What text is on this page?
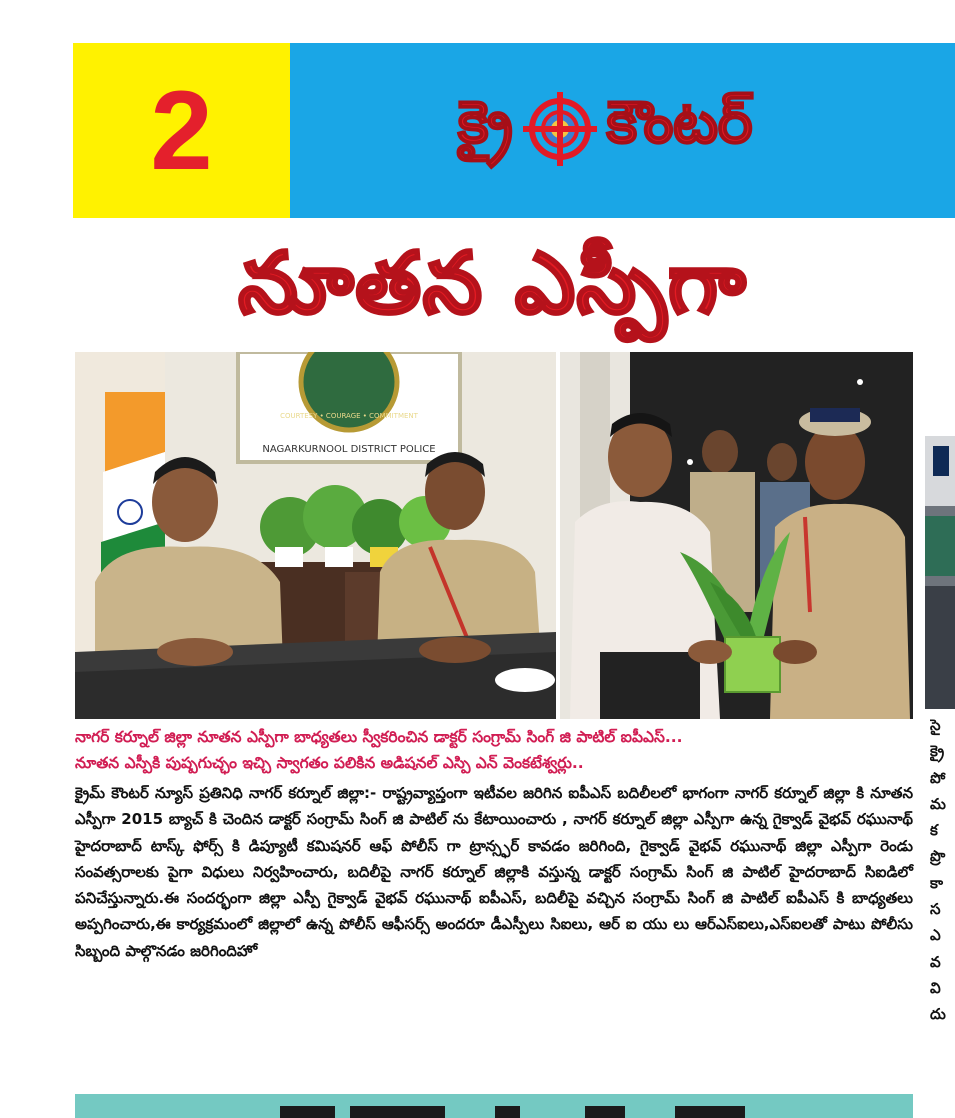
2	క్రై కౌంటర్
నూతన ఎస్పీగా
COURTESY • COURAGE • COMMITMENT
NAGARKURNOOL DISTRICT POLICE
నాగర్ కర్నూల్ జిల్లా నూతన ఎస్పీగా బాధ్యతలు స్వీకరించిన డాక్టర్ సంగ్రామ్ సింగ్ జి పాటిల్ ఐపీఎస్...
నూతన ఎస్పీకి పుష్పగుచ్ఛం ఇచ్చి స్వాగతం పలికిన అడిషనల్ ఎస్పి ఎన్ వెంకటేశ్వర్లు..
క్రైమ్ కౌంటర్ న్యూస్ ప్రతినిధి నాగర్ కర్నూల్ జిల్లా:- రాష్ట్రవ్యాప్తంగా ఇటీవల జరిగిన ఐపీఎస్ బదిలీలలో భాగంగా నాగర్ కర్నూల్ జిల్లా కి నూతన ఎస్పీగా 2015 బ్యాచ్ కి చెందిన డాక్టర్ సంగ్రామ్ సింగ్ జి పాటిల్ ను కేటాయించారు , నాగర్ కర్నూల్ జిల్లా ఎస్పీగా ఉన్న గైక్వాడ్ వైభవ్ రఘునాథ్ హైదరాబాద్ టాస్క్ ఫోర్స్ కి డిప్యూటీ కమిషనర్ ఆఫ్ పోలీస్ గా ట్రాన్స్ఫర్ కావడం జరిగింది, గైక్వాడ్ వైభవ్ రఘునాథ్ జిల్లా ఎస్పీగా రెండు సంవత్సరాలకు పైగా విధులు నిర్వహించారు, బదిలీపై నాగర్ కర్నూల్ జిల్లాకి వస్తున్న డాక్టర్ సంగ్రామ్ సింగ్ జి పాటిల్ హైదరాబాద్ సిఐడిలో పనిచేస్తున్నారు.ఈ సందర్భంగా జిల్లా ఎస్పీ గైక్వాడ్ వైభవ్ రఘునాథ్ ఐపీఎస్, బదిలీపై వచ్చిన సంగ్రామ్ సింగ్ జి పాటిల్ ఐపీఎస్ కి బాధ్యతలు అప్పగించారు,ఈ కార్యక్రమంలో జిల్లాలో ఉన్న పోలీస్ ఆఫీసర్స్ అందరూ డీఎస్పీలు సిఐలు, ఆర్ ఐ యు లు ఆర్ఎస్ఐలు,ఎస్ఐలతో పాటు పోలీసు సిబ్బంది పాల్గొనడం జరిగిందిహో
సై
క్రై
పో
మ
క
ప్రొ
కా
స
ఎ
వ
వి
దు
